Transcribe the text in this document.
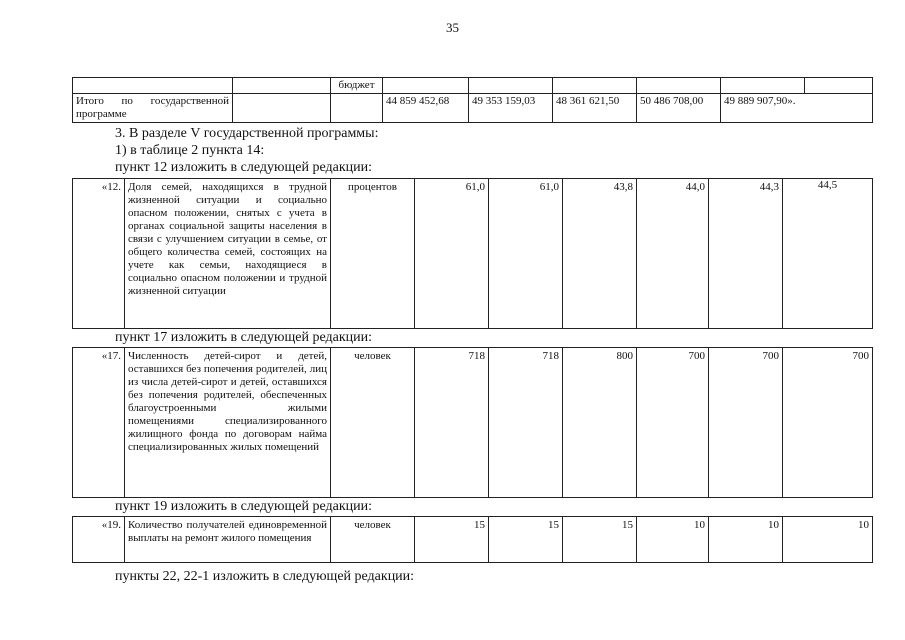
35
		бюджет						
Итого по государственной программе			44 859 452,68	49 353 159,03	48 361 621,50	50 486 708,00	49 889 907,90».	
3. В разделе V государственной программы:
1) в таблице 2 пункта 14:
пункт 12 изложить в следующей редакции:
«12.	Доля семей, находящихся в трудной жизненной ситуации и социально опасном положении, снятых с учета в органах социальной защиты населения в связи с улучшением ситуации в семье, от общего количества семей, состоящих на учете как семьи, находящиеся в социально опасном положении и трудной жизненной ситуации	процентов	61,0	61,0	43,8	44,0	44,3	44,5
пункт 17 изложить в следующей редакции:
«17.	Численность детей-сирот и детей, оставшихся без попечения родителей, лиц из числа детей-сирот и детей, оставшихся без попечения родителей, обеспеченных благоустроенными жилыми помещениями специализированного жилищного фонда по договорам найма специализированных жилых помещений	человек	718	718	800	700	700	700
пункт 19 изложить в следующей редакции:
«19.	Количество получателей единовременной выплаты на ремонт жилого помещения	человек	15	15	15	10	10	10
пункты 22, 22-1 изложить в следующей редакции:
